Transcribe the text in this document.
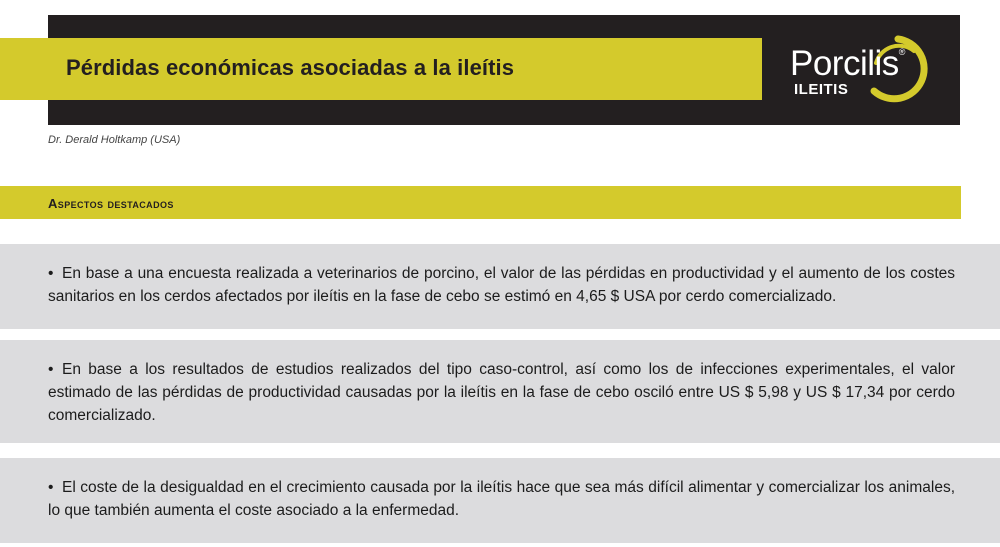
Pérdidas económicas asociadas a la ileítis	Porcilis®
ILEITIS
Dr. Derald Holtkamp (USA)
Aspectos destacados
• En base a una encuesta realizada a veterinarios de porcino, el valor de las pérdidas en productividad y el aumento de los costes sanitarios en los cerdos afectados por ileítis en la fase de cebo se estimó en 4,65 $ USA por cerdo comercializado.
• En base a los resultados de estudios realizados del tipo caso-control, así como los de infecciones experimentales, el valor estimado de las pérdidas de productividad causadas por la ileítis en la fase de cebo osciló entre US $ 5,98 y US $ 17,34 por cerdo comercializado.
• El coste de la desigualdad en el crecimiento causada por la ileítis hace que sea más difícil alimentar y comercializar los animales, lo que también aumenta el coste asociado a la enfermedad.
